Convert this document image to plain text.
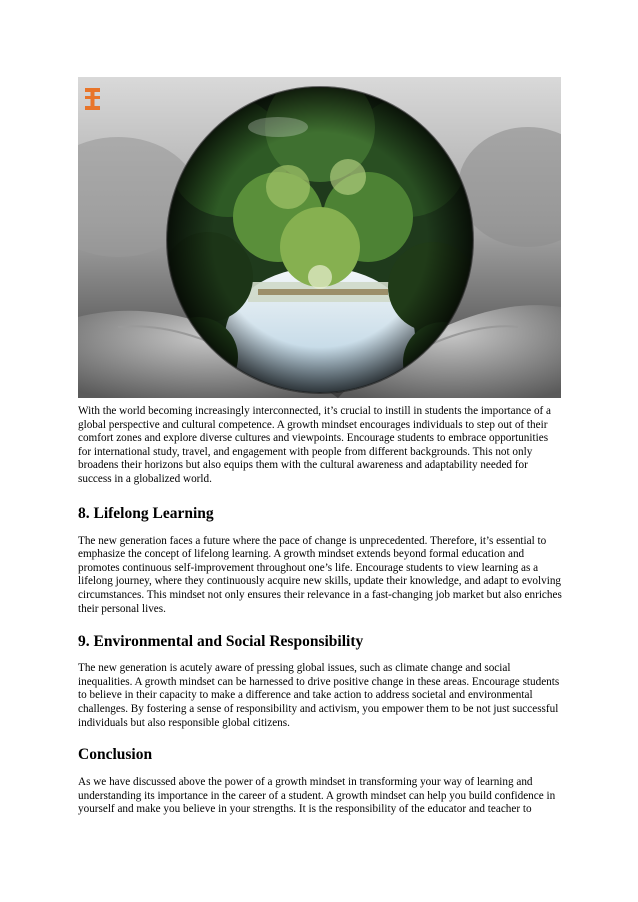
With the world becoming increasingly interconnected, it’s crucial to instill in students the importance of a global perspective and cultural competence. A growth mindset encourages individuals to step out of their comfort zones and explore diverse cultures and viewpoints. Encourage students to embrace opportunities for international study, travel, and engagement with people from different backgrounds. This not only broadens their horizons but also equips them with the cultural awareness and adaptability needed for success in a globalized world.

8. Lifelong Learning

The new generation faces a future where the pace of change is unprecedented. Therefore, it’s essential to emphasize the concept of lifelong learning. A growth mindset extends beyond formal education and promotes continuous self-improvement throughout one’s life. Encourage students to view learning as a lifelong journey, where they continuously acquire new skills, update their knowledge, and adapt to evolving circumstances. This mindset not only ensures their relevance in a fast-changing job market but also enriches their personal lives.

9. Environmental and Social Responsibility

The new generation is acutely aware of pressing global issues, such as climate change and social inequalities. A growth mindset can be harnessed to drive positive change in these areas. Encourage students to believe in their capacity to make a difference and take action to address societal and environmental challenges. By fostering a sense of responsibility and activism, you empower them to be not just successful individuals but also responsible global citizens.

Conclusion

As we have discussed above the power of a growth mindset in transforming your way of learning and understanding its importance in the career of a student. A growth mindset can help you build confidence in yourself and make you believe in your strengths. It is the responsibility of the educator and teacher to
